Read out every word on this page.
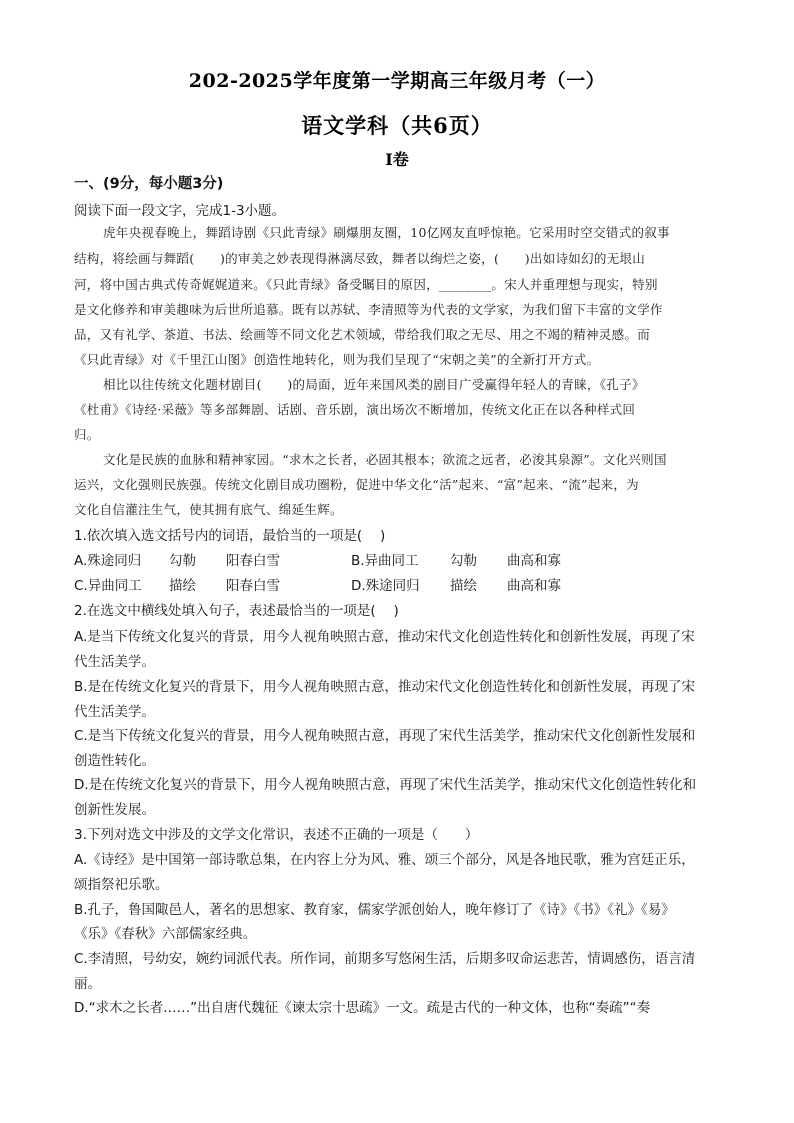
202-2025学年度第一学期高三年级月考（一）
语文学科（共6页）
I卷
一、(9分，每小题3分)
阅读下面一段文字，完成1-3小题。
虎年央视春晚上，舞蹈诗剧《只此青绿》刷爆朋友圈，10亿网友直呼惊艳。它采用时空交错式的叙事
结构，将绘画与舞蹈(　　)的审美之妙表现得淋漓尽致，舞者以绚烂之姿，(　　)出如诗如幻的无垠山
河，将中国古典式传奇娓娓道来。《只此青绿》备受瞩目的原因，________。宋人并重理想与现实，特别
是文化修养和审美趣味为后世所追慕。既有以苏轼、李清照等为代表的文学家，为我们留下丰富的文学作
品，又有礼学、茶道、书法、绘画等不同文化艺术领域，带给我们取之无尽、用之不竭的精神灵感。而
《只此青绿》对《千里江山图》创造性地转化，则为我们呈现了“宋朝之美”的全新打开方式。
相比以往传统文化题材剧目(　　)的局面，近年来国风类的剧目广受赢得年轻人的青睐，《孔子》
《杜甫》《诗经·采薇》等多部舞剧、话剧、音乐剧，演出场次不断增加，传统文化正在以各种样式回
归。
文化是民族的血脉和精神家园。“求木之长者，必固其根本；欲流之远者，必浚其泉源”。文化兴则国
运兴，文化强则民族强。传统文化剧目成功圈粉，促进中华文化“活”起来、“富”起来、“流”起来，为
文化自信灌注生气，使其拥有底气、绵延生辉。
1.依次填入选文括号内的词语，最恰当的一项是(　 )
A.殊途同归 勾勒 阳春白雪	B.异曲同工 勾勒 曲高和寡
C.异曲同工 描绘 阳春白雪	D.殊途同归 描绘 曲高和寡
2.在选文中横线处填入句子，表述最恰当的一项是(　 )
A.是当下传统文化复兴的背景，用今人视角映照古意，推动宋代文化创造性转化和创新性发展，再现了宋
代生活美学。
B.是在传统文化复兴的背景下，用今人视角映照古意，推动宋代文化创造性转化和创新性发展，再现了宋
代生活美学。
C.是当下传统文化复兴的背景，用今人视角映照古意，再现了宋代生活美学，推动宋代文化创新性发展和
创造性转化。
D.是在传统文化复兴的背景下，用今人视角映照古意，再现了宋代生活美学，推动宋代文化创造性转化和
创新性发展。
3.下列对选文中涉及的文学文化常识，表述不正确的一项是（　　）
A.《诗经》是中国第一部诗歌总集，在内容上分为风、雅、颂三个部分，风是各地民歌，雅为宫廷正乐，
颂指祭祀乐歌。
B.孔子，鲁国陬邑人，著名的思想家、教育家，儒家学派创始人，晚年修订了《诗》《书》《礼》《易》
《乐》《春秋》六部儒家经典。
C.李清照，号幼安，婉约词派代表。所作词，前期多写悠闲生活，后期多叹命运悲苦，情调感伤，语言清
丽。
D.“求木之长者……”出自唐代魏征《谏太宗十思疏》一文。疏是古代的一种文体，也称“奏疏”“奏
